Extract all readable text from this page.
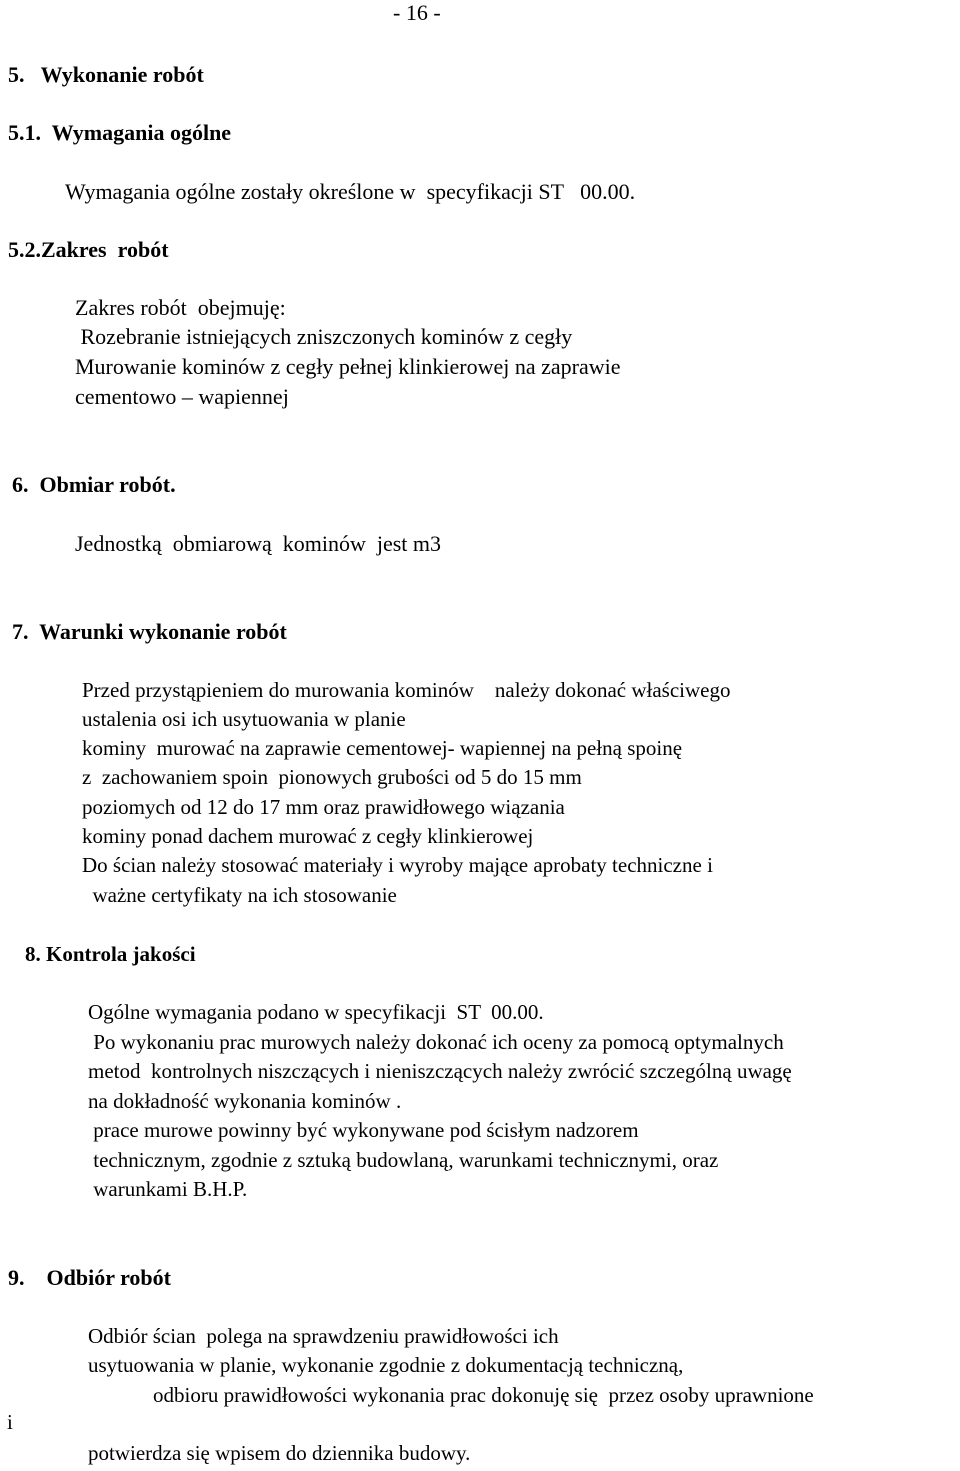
- 16 -
5.   Wykonanie robót
5.1.  Wymagania ogólne
Wymagania ogólne zostały określone w  specyfikacji ST   00.00.
5.2.Zakres  robót
Zakres robót  obejmuję:
Rozebranie istniejących zniszczonych kominów z cegły
Murowanie kominów z cegły pełnej klinkierowej na zaprawie
cementowo – wapiennej
6.  Obmiar robót.
Jednostką  obmiarową  kominów  jest m3
7.  Warunki wykonanie robót
Przed przystąpieniem do murowania kominów    należy dokonać właściwego
ustalenia osi ich usytuowania w planie
kominy  murować na zaprawie cementowej- wapiennej na pełną spoinę
z  zachowaniem spoin  pionowych grubości od 5 do 15 mm
poziomych od 12 do 17 mm oraz prawidłowego wiązania
kominy ponad dachem murować z cegły klinkierowej
Do ścian należy stosować materiały i wyroby mające aprobaty techniczne i
ważne certyfikaty na ich stosowanie
8. Kontrola jakości
Ogólne wymagania podano w specyfikacji  ST  00.00.
Po wykonaniu prac murowych należy dokonać ich oceny za pomocą optymalnych
metod  kontrolnych niszczących i nieniszczących należy zwrócić szczególną uwagę
na dokładność wykonania kominów .
prace murowe powinny być wykonywane pod ścisłym nadzorem
technicznym, zgodnie z sztuką budowlaną, warunkami technicznymi, oraz
warunkami B.H.P.
9.    Odbiór robót
Odbiór ścian  polega na sprawdzeniu prawidłowości ich
usytuowania w planie, wykonanie zgodnie z dokumentacją techniczną,
odbioru prawidłowości wykonania prac dokonuję się  przez osoby uprawnione
i
potwierdza się wpisem do dziennika budowy.
